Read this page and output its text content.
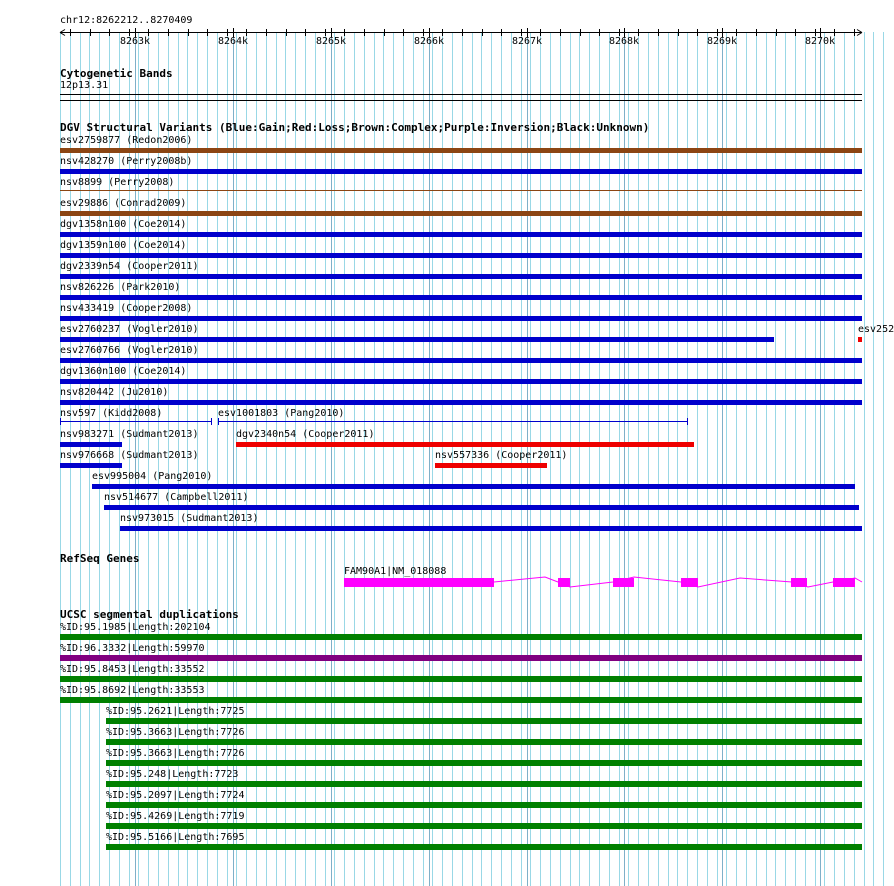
chr12:8262212..8270409
Cytogenetic Bands
12p13.31
DGV Structural Variants (Blue:Gain;Red:Loss;Brown:Complex;Purple:Inversion;Black:Unknown)
RefSeq Genes
FAM90A1|NM_018088
UCSC segmental duplications
esv2759877 (Redon2006)
nsv428270 (Perry2008b)
nsv8899 (Perry2008)
esv29886 (Conrad2009)
dgv1358n100 (Coe2014)
dgv1359n100 (Coe2014)
dgv2339n54 (Cooper2011)
nsv826226 (Park2010)
nsv433419 (Cooper2008)
esv2760237 (Vogler2010)	esv252
esv2760766 (Vogler2010)
dgv1360n100 (Coe2014)
nsv820442 (Ju2010)
nsv597 (Kidd2008)	esv1001803 (Pang2010)
nsv983271 (Sudmant2013)	dgv2340n54 (Cooper2011)
nsv976668 (Sudmant2013)	nsv557336 (Cooper2011)
esv995004 (Pang2010)
nsv514677 (Campbell2011)
nsv973015 (Sudmant2013)
%ID:95.1985|Length:202104
%ID:96.3332|Length:59970
%ID:95.8453|Length:33552
%ID:95.8692|Length:33553
%ID:95.2621|Length:7725
%ID:95.3663|Length:7726
%ID:95.3663|Length:7726
%ID:95.248|Length:7723
%ID:95.2097|Length:7724
%ID:95.4269|Length:7719
%ID:95.5166|Length:7695
8263k	8264k	8265k	8266k	8267k	8268k	8269k	8270k
